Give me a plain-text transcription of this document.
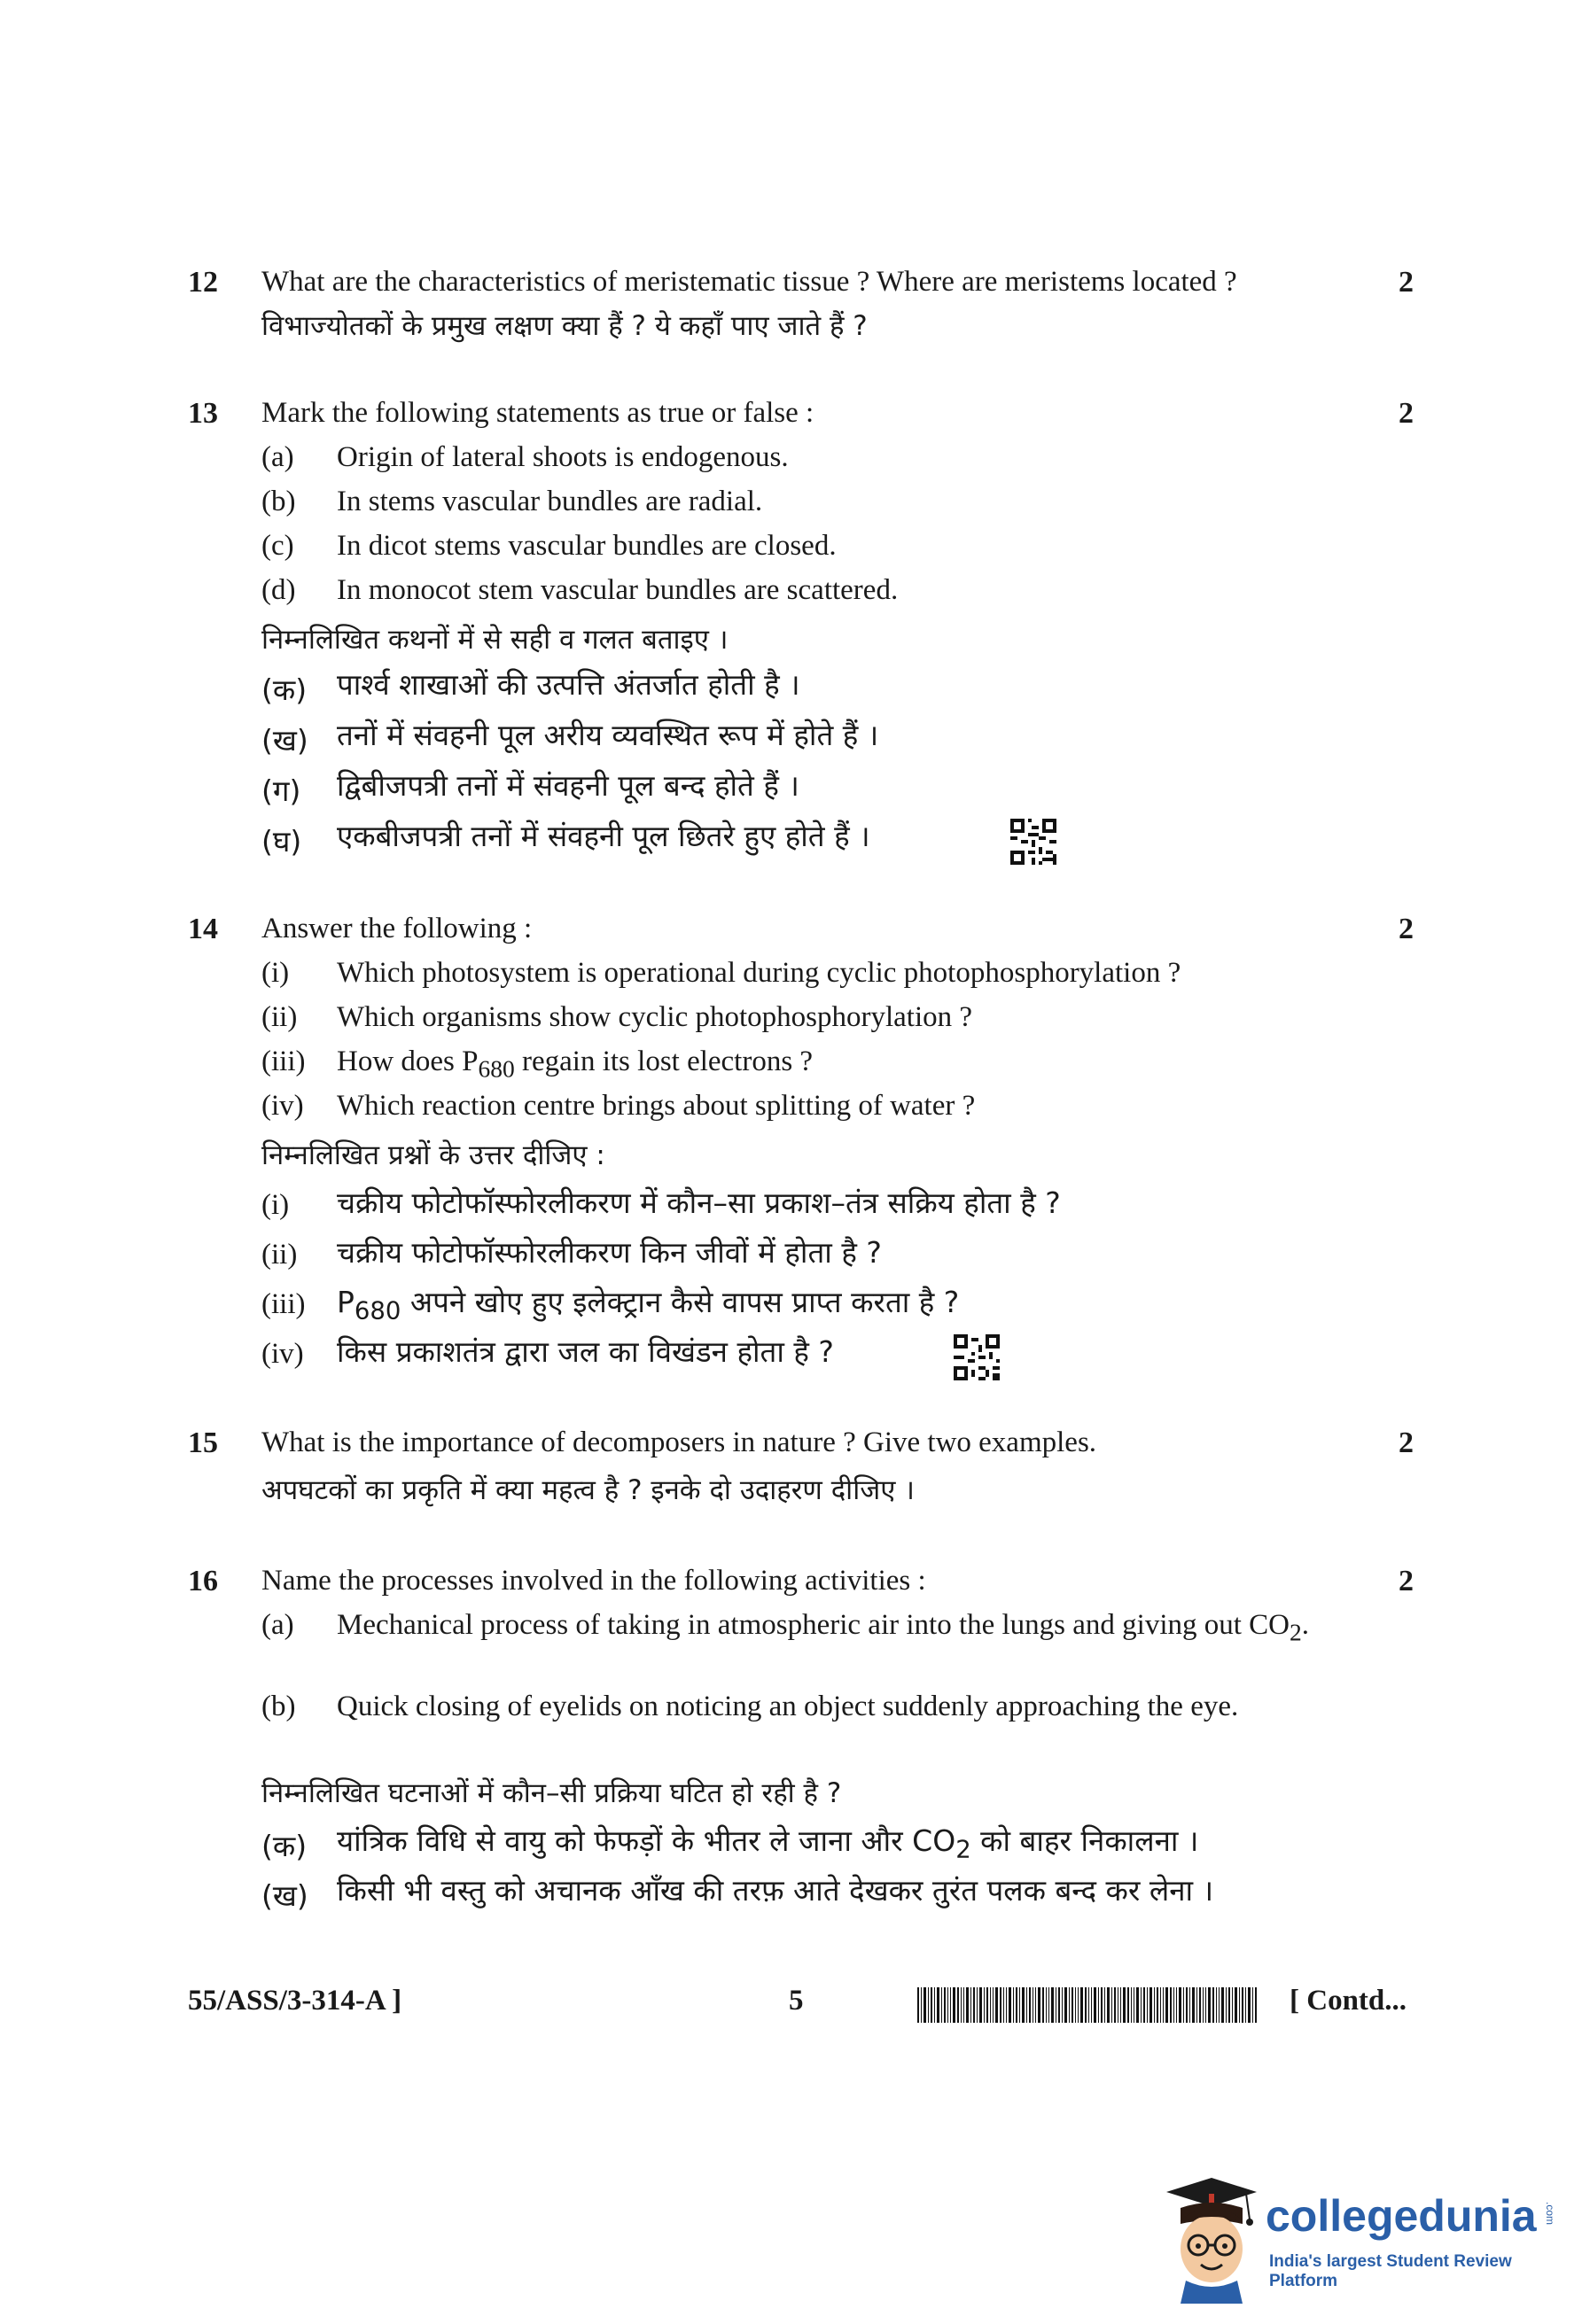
12	2
What are the characteristics of meristematic tissue ? Where are meristems located ?
विभाज्योतकों के प्रमुख लक्षण क्या हैं ? ये कहाँ पाए जाते हैं ?
13	2
Mark the following statements as true or false :
(a) Origin of lateral shoots is endogenous.
(b) In stems vascular bundles are radial.
(c) In dicot stems vascular bundles are closed.
(d) In monocot stem vascular bundles are scattered.
निम्नलिखित कथनों में से सही व गलत बताइए ।
(क) पार्श्व शाखाओं की उत्पत्ति अंतर्जात होती है ।
(ख) तनों में संवहनी पूल अरीय व्यवस्थित रूप में होते हैं ।
(ग) द्विबीजपत्री तनों में संवहनी पूल बन्द होते हैं ।
(घ) एकबीजपत्री तनों में संवहनी पूल छितरे हुए होते हैं ।
14	2
Answer the following :
(i) Which photosystem is operational during cyclic photophosphorylation ?
(ii) Which organisms show cyclic photophosphorylation ?
(iii) How does $P_{680}$ regain its lost electrons ?
(iv) Which reaction centre brings about splitting of water ?
निम्नलिखित प्रश्नों के उत्तर दीजिए :
(i) चक्रीय फोटोफॉस्फोरलीकरण में कौन–सा प्रकाश–तंत्र सक्रिय होता है ?
(ii) चक्रीय फोटोफॉस्फोरलीकरण किन जीवों में होता है ?
(iii) $P_{680}$ अपने खोए हुए इलेक्ट्रान कैसे वापस प्राप्त करता है ?
(iv) किस प्रकाशतंत्र द्वारा जल का विखंडन होता है ?
15	2
What is the importance of decomposers in nature ? Give two examples.
अपघटकों का प्रकृति में क्या महत्व है ? इनके दो उदाहरण दीजिए ।
16	2
Name the processes involved in the following activities :
(a) Mechanical process of taking in atmospheric air into the lungs and giving out $CO_2$.
(b) Quick closing of eyelids on noticing an object suddenly approaching the eye.
निम्नलिखित घटनाओं में कौन–सी प्रक्रिया घटित हो रही है ?
(क) यांत्रिक विधि से वायु को फेफड़ों के भीतर ले जाना और $CO_2$ को बाहर निकालना ।
(ख) किसी भी वस्तु को अचानक आँख की तरफ़ आते देखकर तुरंत पलक बन्द कर लेना ।
55/ASS/3-314-A ]	5	[ Contd...
collegedunia .com
India's largest Student Review Platform
